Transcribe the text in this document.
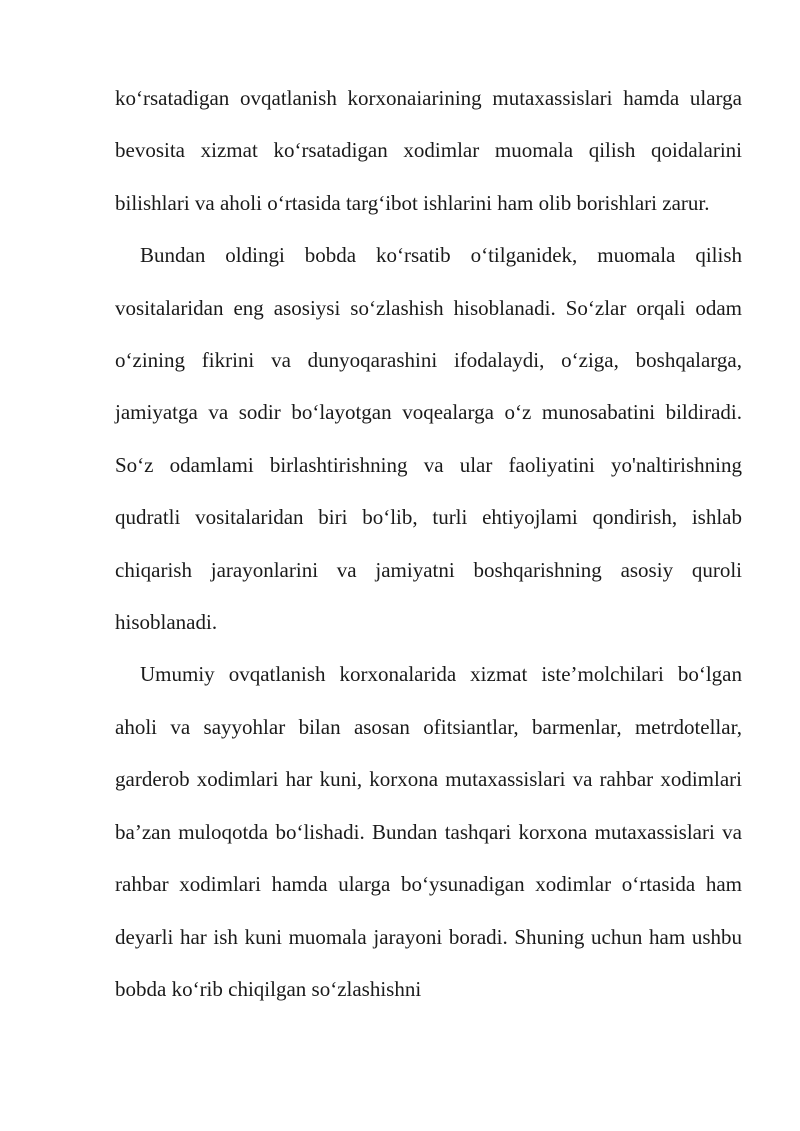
ko‘rsatadigan ovqatlanish korxonaiarining mutaxassislari hamda ularga bevosita xizmat ko‘rsatadigan xodimlar muomala qilish qoidalarini bilishlari va aholi o‘rtasida targ‘ibot ishlarini ham olib borishlari zarur.

Bundan oldingi bobda ko‘rsatib o‘tilganidek, muomala qilish vositalaridan eng asosiysi so‘zlashish hisoblanadi. So‘zlar orqali odam o‘zining fikrini va dunyoqarashini ifodalaydi, o‘ziga, boshqalarga, jamiyatga va sodir bo‘layotgan voqealarga o‘z munosabatini bildiradi. So‘z odamlami birlashtirishning va ular faoliyatini yo'naltirishning qudratli vositalaridan biri bo‘lib, turli ehtiyojlami qondirish, ishlab chiqarish jarayonlarini va jamiyatni boshqarishning asosiy quroli hisoblanadi.

Umumiy ovqatlanish korxonalarida xizmat iste’molchilari bo‘lgan aholi va sayyohlar bilan asosan ofitsiantlar, barmenlar, metrdotellar, garderob xodimlari har kuni, korxona mutaxassislari va rahbar xodimlari ba’zan muloqotda bo‘lishadi. Bundan tashqari korxona mutaxassislari va rahbar xodimlari hamda ularga bo‘ysunadigan xodimlar o‘rtasida ham deyarli har ish kuni muomala jarayoni boradi. Shuning uchun ham ushbu bobda ko‘rib chiqilgan so‘zlashishni
